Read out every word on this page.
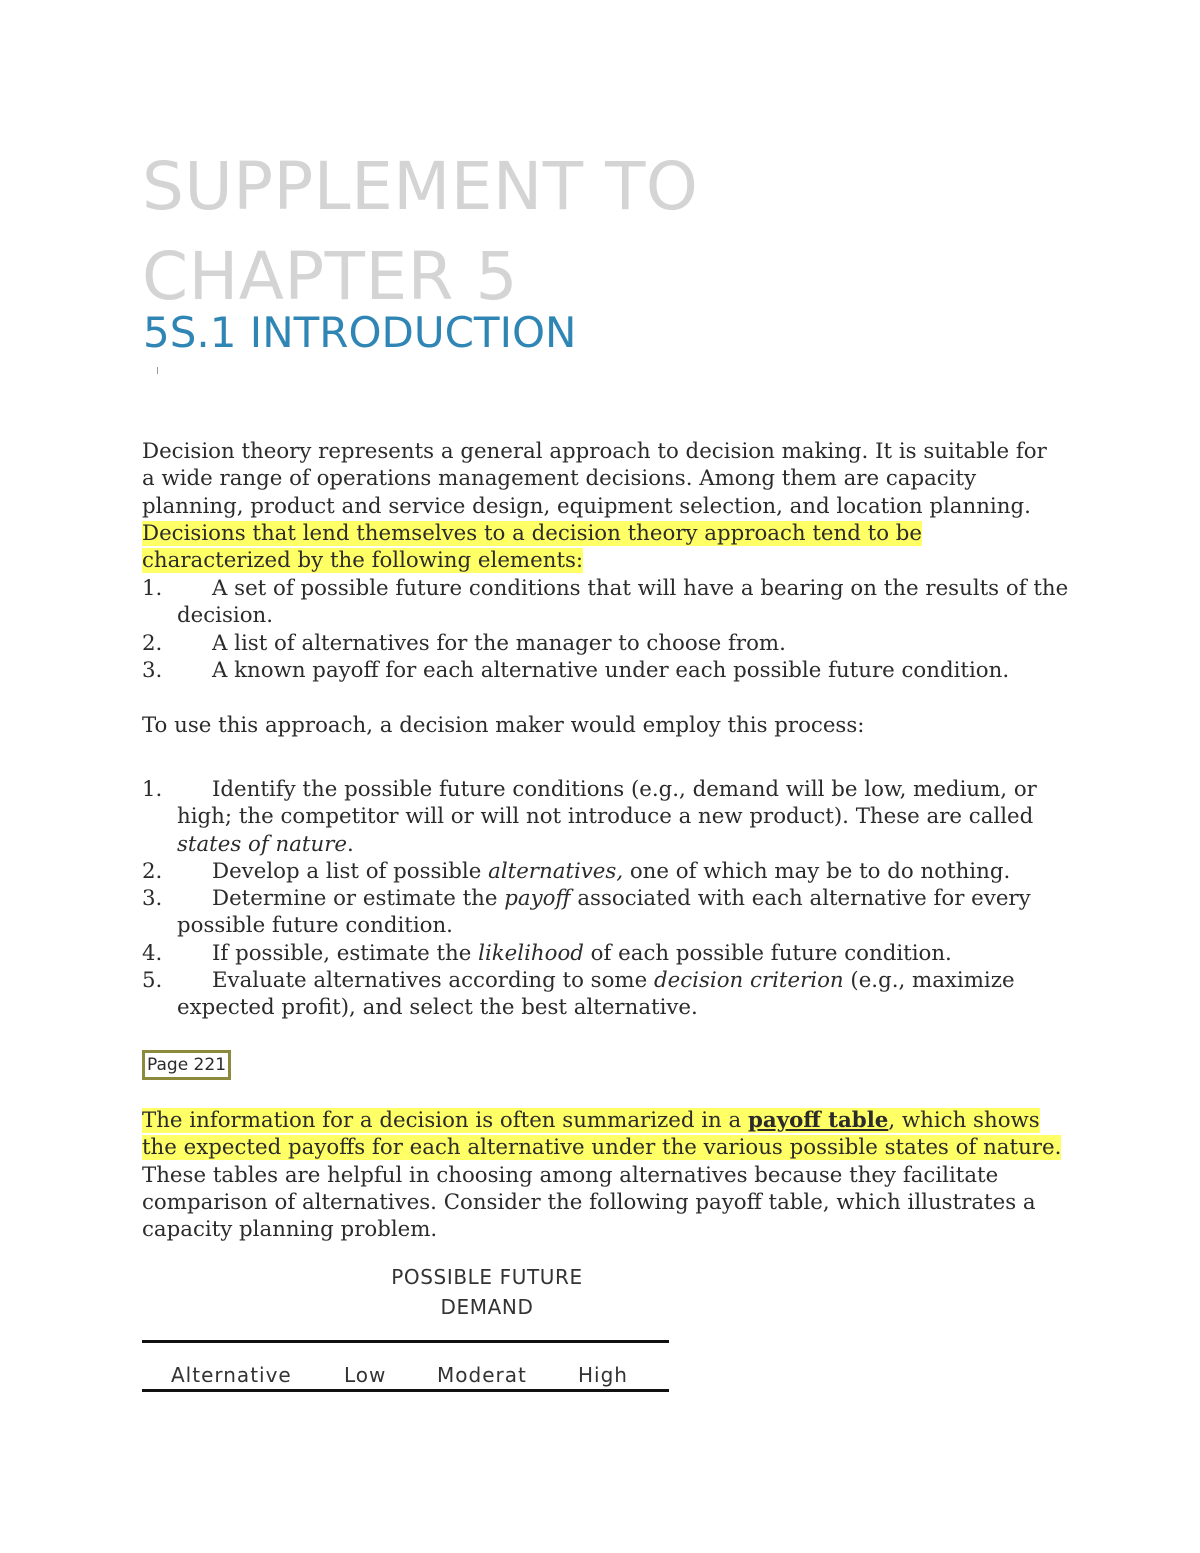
SUPPLEMENT TO
CHAPTER 5
5S.1 INTRODUCTION

Decision theory represents a general approach to decision making. It is suitable for a wide range of operations management decisions. Among them are capacity planning, product and service design, equipment selection, and location planning. Decisions that lend themselves to a decision theory approach tend to be characterized by the following elements:

1. A set of possible future conditions that will have a bearing on the results of the decision.
2. A list of alternatives for the manager to choose from.
3. A known payoff for each alternative under each possible future condition.

To use this approach, a decision maker would employ this process:

1. Identify the possible future conditions (e.g., demand will be low, medium, or high; the competitor will or will not introduce a new product). These are called states of nature.
2. Develop a list of possible alternatives, one of which may be to do nothing.
3. Determine or estimate the payoff associated with each alternative for every possible future condition.
4. If possible, estimate the likelihood of each possible future condition.
5. Evaluate alternatives according to some decision criterion (e.g., maximize expected profit), and select the best alternative.
Page 221

The information for a decision is often summarized in a payoff table, which shows the expected payoffs for each alternative under the various possible states of nature. These tables are helpful in choosing among alternatives because they facilitate comparison of alternatives. Consider the following payoff table, which illustrates a capacity planning problem.

POSSIBLE FUTURE
DEMAND
Alternative	Low	Moderat	High
